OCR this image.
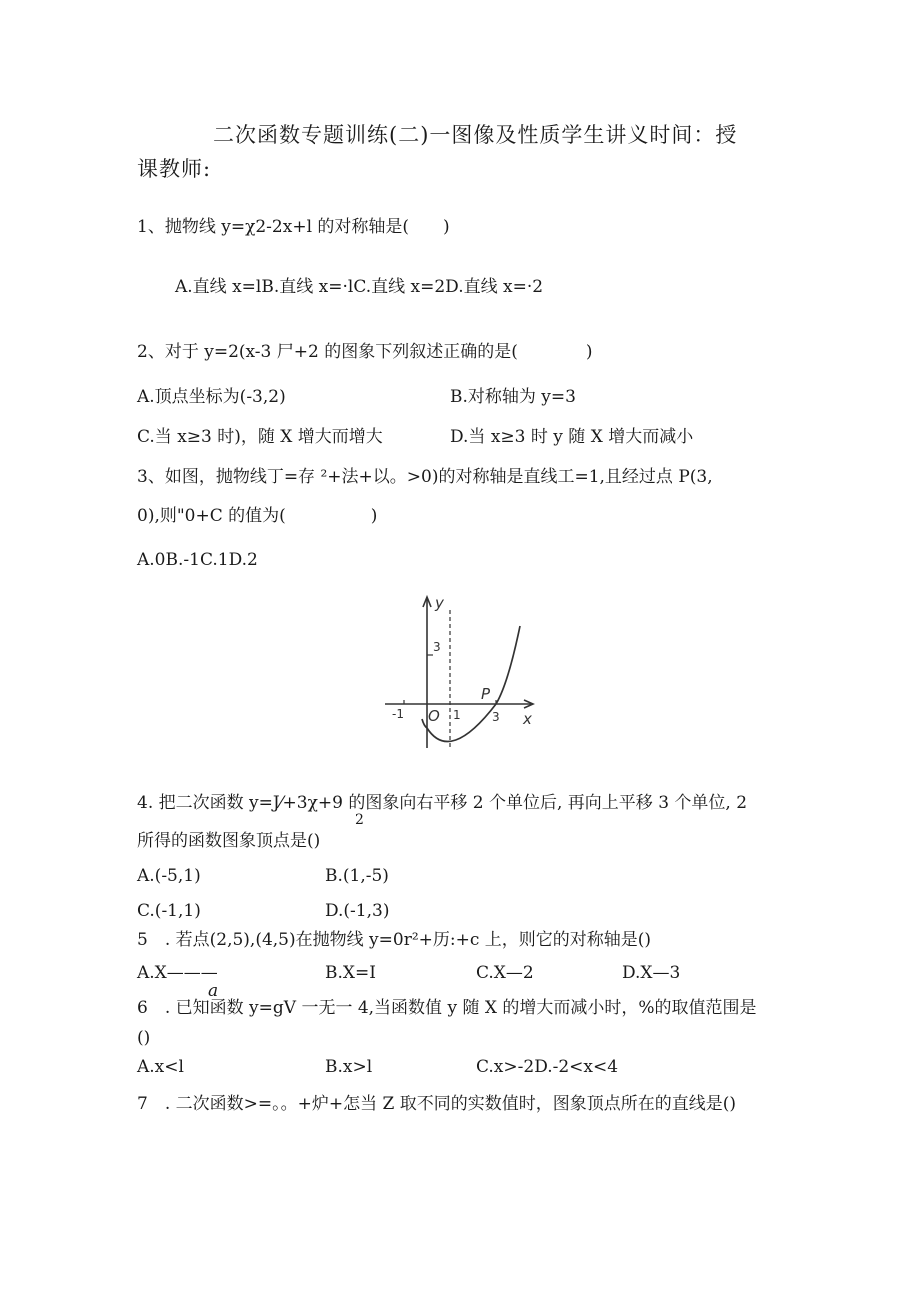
二次函数专题训练(二)一图像及性质学生讲义时间：授
课教师:
1、抛物线 y=χ2-2x+l 的对称轴是(　　)
A.直线 x=lB.直线 x=·lC.直线 x=2D.直线 x=·2
2、对于 y=2(x-3 尸+2 的图象下列叙述正确的是(　　　　)
A.顶点坐标为(-3,2)	B.对称轴为 y=3
C.当 x≥3 时)，随 X 增大而增大	D.当 x≥3 时 y 随 X 增大而减小
3、如图，抛物线丁=存 ²+法+以。>0)的对称轴是直线工=1,且经过点 P(3,
0),则"0+C 的值为(　　　　　)
A.0B.-1C.1D.2
y
x
3
-1 O 1	3
P
4. 把二次函数 y=J⁄+3χ+9 的图象向右平移 2 个单位后, 再向上平移 3 个单位, 2
2
所得的函数图象顶点是()
A.(-5,1)	B.(1,-5)
C.(-1,1)	D.(-1,3)
5　. 若点(2,5),(4,5)在抛物线 y=0r²+历:+c 上，则它的对称轴是()
A.X———
a
B.X=I	C.X—2	D.X—3
6　. 已知函数 y=gV 一无一 4,当函数值 y 随 X 的增大而减小时，%的取值范围是
()
A.x<l	B.x>l	C.x>-2D.-2<x<4
7　. 二次函数>=。。+炉+怎当 Z 取不同的实数值时，图象顶点所在的直线是()
